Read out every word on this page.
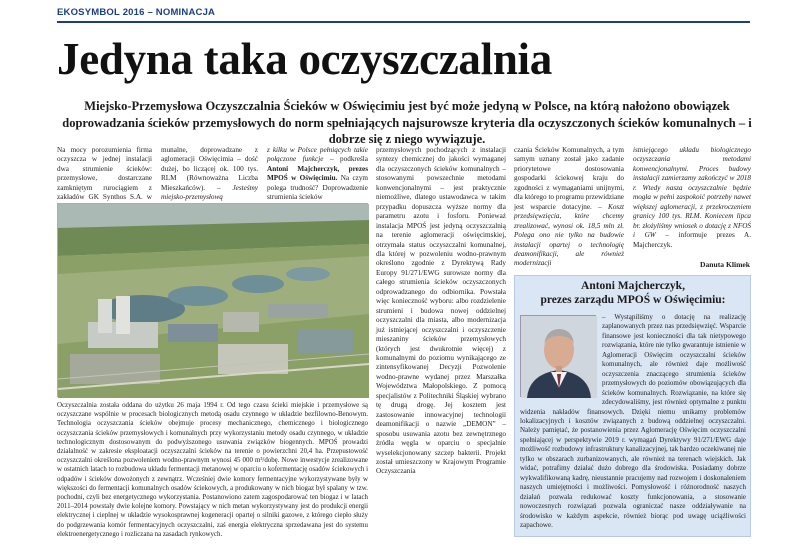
EKOSYMBOL 2016 – NOMINACJA
Jedyna taka oczyszczalnia
Miejsko-Przemysłowa Oczyszczalnia Ścieków w Oświęcimiu jest być może jedyną w Polsce, na którą nałożono obowiązek doprowadzania ścieków przemysłowych do norm spełniających najsurowsze kryteria dla oczyszczonych ścieków komunalnych – i dobrze się z niego wywiązuje.

Na mocy porozumienia firma oczyszcza w jednej instalacji dwa strumienie ścieków: przemysłowe, dostarczane zamkniętym rurociągiem z zakładów GK Synthos S.A. w

munalne, doprowadzane z aglomeracji Oświęcimia – dość dużej, bo liczącej ok. 100 tys. RLM (Równoważna Liczba Mieszkańców). – Jesteśmy miejsko-przemysłową

z kilku w Polsce pełniących takie połączone funkcje – podkreśla Antoni Majcherczyk, prezes MPOŚ w Oświęcimiu. Na czym polega trudność? Doprowadzenie strumienia ścieków

Oczyszczalnia została oddana do użytku 26 maja 1994 r. Od tego czasu ścieki miejskie i przemysłowe są oczyszczane wspólnie w procesach biologicznych metodą osadu czynnego w układzie bezfilowno-Benowym. Technologia oczyszczania ścieków obejmuje procesy mechanicznego, chemicznego i biologicznego oczyszczania ścieków przemysłowych i komunalnych przy wykorzystaniu metody osadu czynnego, w układzie technologicznym dostosowanym do podwyższonego usuwania związków biogennych. MPOŚ prowadzi działalność w zakresie eksploatacji oczyszczalni ścieków na terenie o powierzchni 20,4 ha. Przepustowość oczyszczalni określona pozwoleniem wodno-prawnym wynosi 45 000 m³/dobę. Nowe inwestycje zrealizowane w ostatnich latach to rozbudowa układu fermentacji metanowej w oparciu o kofermentację osadów ściekowych i odpadów i ścieków dowożonych z zewnątrz. Wcześniej dwie komory fermentacyjne wykorzystywane były w większości do fermentacji komunalnych osadów ściekowych, a produkowany w nich biogaz był spalany w tzw. pochodni, czyli bez energetycznego wykorzystania. Postanowiono zatem zagospodarować ten biogaz i w latach 2011–2014 powstały dwie kolejne komory. Powstający w nich metan wykorzystywany jest do produkcji energii elektrycznej i cieplnej w układzie wysokosprawnej kogeneracji opartej o silniki gazowe, z którego ciepło służy do podgrzewania komór fermentacyjnych oczyszczalni, zaś energia elektryczna sprzedawana jest do systemu elektroenergetycznego i rozliczana na zasadach rynkowych.

przemysłowych pochodzących z instalacji syntezy chemicznej do jakości wymaganej dla oczyszczonych ścieków komunalnych – stosowanymi powszechnie metodami konwencjonalnymi – jest praktycznie niemożliwe, dlatego ustawodawca w takim przypadku dopuszcza wyższe normy dla parametru azotu i fosforu. Ponieważ instalacja MPOŚ jest jedyną oczyszczalnią na terenie aglomeracji oświęcimskiej, otrzymała status oczyszczalni komunalnej, dla której w pozwoleniu wodno-prawnym określono zgodnie z Dyrektywą Rady Europy 91/271/EWG surowsze normy dla całego strumienia ścieków oczyszczonych odprowadzanego do odbiornika. Powstała więc konieczność wyboru: albo rozdzielenie strumieni i budowa nowej oddzielnej oczyszczalni dla miasta, albo modernizacja już istniejącej oczyszczalni i oczyszczenie mieszaniny ścieków przemysłowych (których jest dwukrotnie więcej) z komunalnymi do poziomu wynikającego ze zintensyfikowanej Decyzji Pozwolenie wodno-prawne wydanej przez Marszałka Województwa Małopolskiego. Z pomocą specjalistów z Politechniki Śląskiej wybrano tę drugą drogę. Jej kosztem jest zastosowanie innowacyjnej technologii deamonifikacji o nazwie „DEMON” – sposobu usuwania azotu bez zewnętrznego źródła węgla w oparciu o specjalnie wyselekcjonowany szczep bakterii. Projekt został umieszczony w Krajowym Programie Oczyszczania

czania Ścieków Komunalnych, a tym samym uznany został jako zadanie priorytetowe dostosowania gospodarki ściekowej kraju do zgodności z wymaganiami unijnymi, dla którego to programu przewidziane jest wsparcie dotacyjne. – Koszt przedsięwzięcia, które chcemy zrealizować, wynosi ok. 18,5 mln zł. Polega ono nie tylko na budowie instalacji opartej o technologię deamonifikacji, ale również modernizacji

istniejącego układu biologicznego oczyszczania metodami konwencjonalnymi. Proces budowy instalacji zamierzamy zakończyć w 2018 r. Wtedy nasza oczyszczalnie będzie mogła w pełni zaspokoić potrzeby nawet większej aglomeracji, z przekroczeniem granicy 100 tys. RLM. Koniecem lipca br. złożyliśmy wniosek o dotację z NFOŚ i GW – informuje prezes A. Majcherczyk.

Danuta Klimek
Antoni Majcherczyk,
prezes zarządu MPOŚ w Oświęcimiu:
– Wystąpiliśmy o dotację na realizację zaplanowanych przez nas przedsięwzięć. Wsparcie finansowe jest konieczności dla tak nietypowego rozwiązania, które nie tylko gwarantuje istnienie w Aglomeracji Oświęcim oczyszczalni ścieków komunalnych, ale również daje możliwość oczyszczenia znaczącego strumienia ścieków przemysłowych do poziomów obowiązujących dla ścieków komunalnych. Rozwiązanie, na które się zdecydowaliśmy, jest również optymalne z punktu widzenia nakładów finansowych. Dzięki niemu unikamy problemów lokalizacyjnych i kosztów związanych z budową oddzielnej oczyszczalni. Należy pamiętać, że postanowienia przez Aglomerację Oświęcim oczyszczalni spełniającej w perspektywie 2019 r. wymagań Dyrektywy 91/271/EWG daje możliwość rozbudowy infrastruktury kanalizacyjnej, tak bardzo oczekiwanej nie tylko w obszarach zurbanizowanych, ale również na terenach wiejskich. Jak widać, potrafimy działać dużo dobrego dla środowiska. Posiadamy dobrze wykwalifikowaną kadrę, nieustannie pracujemy nad rozwojem i doskonaleniem naszych umiejętności i możliwości. Pomysłowość i różnorodność naszych działań pozwala redukować koszty funkcjonowania, a stosowanie nowoczesnych rozwiązań pozwala ograniczać nasze oddziaływanie na środowisko w każdym aspekcie, również biorąc pod uwagę uciążliwości zapachowe.
